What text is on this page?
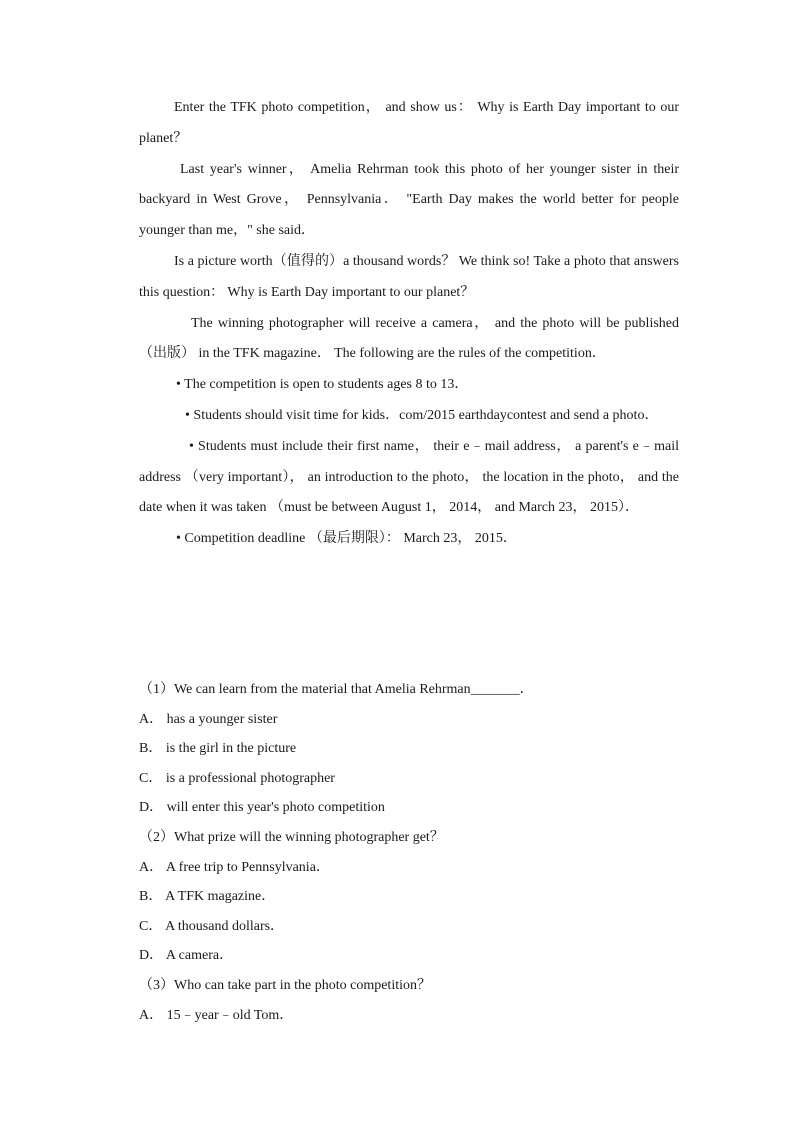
Enter the TFK photo competition， and show us： Why is Earth Day important to our planet？

Last year's winner， Amelia Rehrman took this photo of her younger sister in their backyard in West Grove， Pennsylvania． "Earth Day makes the world better for people younger than me，" she said．

Is a picture worth（值得的）a thousand words？ We think so! Take a photo that answers this question： Why is Earth Day important to our planet？

The winning photographer will receive a camera， and the photo will be published （出版） in the TFK magazine． The following are the rules of the competition．

• The competition is open to students ages 8 to 13．

• Students should visit time for kids．com/2015 earthdaycontest and send a photo．

• Students must include their first name， their e﹣mail address， a parent's e﹣mail address （very important）， an introduction to the photo， the location in the photo， and the date when it was taken （must be between August 1， 2014， and March 23， 2015）．

• Competition deadline （最后期限）： March 23， 2015．

（1）We can learn from the material that Amelia Rehrman_______．

A． has a younger sister

B． is the girl in the picture

C． is a professional photographer

D． will enter this year's photo competition

（2）What prize will the winning photographer get？

A． A free trip to Pennsylvania．

B． A TFK magazine．

C． A thousand dollars．

D． A camera．

（3）Who can take part in the photo competition？

A． 15﹣year﹣old Tom．
